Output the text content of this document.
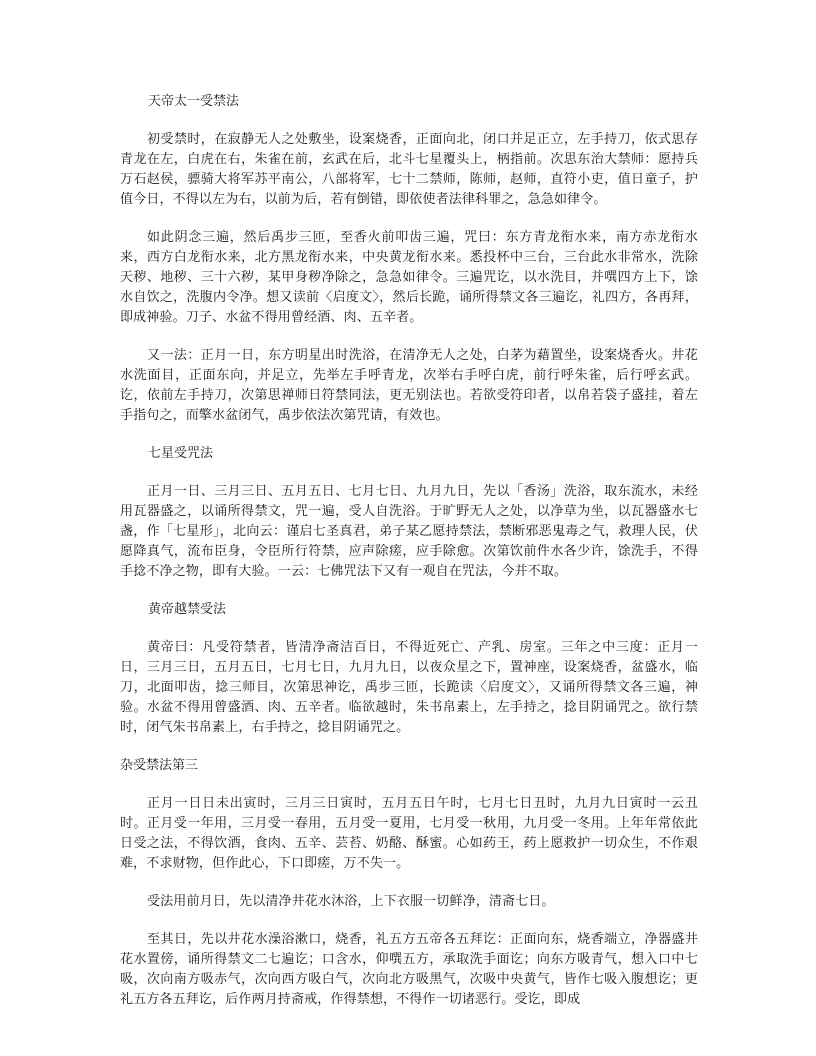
天帝太一受禁法

初受禁时，在寂静无人之处敷坐，设案烧香，正面向北，闭口并足正立，左手持刀，依式思存青龙在左，白虎在右，朱雀在前，玄武在后，北斗七星覆头上，柄指前。次思东治大禁师：愿持兵万石赵侯，骠骑大将军苏平南公，八部将军，七十二禁师，陈师，赵师，直符小吏，值日童子，护值今日，不得以左为右，以前为后，若有倒错，即依使者法律科罪之，急急如律令。

如此阴念三遍，然后禹步三匝，至香火前叩齿三遍，咒曰：东方青龙衔水来，南方赤龙衔水来，西方白龙衔水来，北方黑龙衔水来，中央黄龙衔水来。悉投杯中三台，三台此水非常水，洗除天秽、地秽、三十六秽，某甲身秽净除之，急急如律令。三遍咒讫，以水洗目，并噀四方上下，馀水自饮之，洗腹内令净。想又读前〈启度文〉，然后长跪，诵所得禁文各三遍讫，礼四方，各再拜，即成神验。刀子、水盆不得用曾经酒、肉、五辛者。

又一法：正月一日，东方明星出时洗浴，在清净无人之处，白茅为藉置坐，设案烧香火。井花水洗面目，正面东向，并足立，先举左手呼青龙，次举右手呼白虎，前行呼朱雀，后行呼玄武。讫，依前左手持刀，次第思禅师日符禁同法，更无别法也。若欲受符印者，以帛若袋子盛挂，着左手指句之，而擎水盆闭气，禹步依法次第咒请，有效也。

七星受咒法

正月一日、三月三日、五月五日、七月七日、九月九日，先以「香汤」洗浴，取东流水，未经用瓦器盛之，以诵所得禁文，咒一遍，受人自洗浴。于旷野无人之处，以净草为坐，以瓦器盛水七盏，作「七星形」，北向云：谨启七圣真君，弟子某乙愿持禁法，禁断邪恶鬼毒之气，救理人民，伏愿降真气，流布臣身，令臣所行符禁，应声除瘥，应手除愈。次第饮前件水各少许，馀洗手，不得手捻不净之物，即有大验。一云：七佛咒法下又有一观自在咒法，今并不取。

黄帝越禁受法

黄帝曰：凡受符禁者，皆清净斋洁百日，不得近死亡、产乳、房室。三年之中三度：正月一日，三月三日，五月五日，七月七日，九月九日，以夜众星之下，置神座，设案烧香，盆盛水，临刀，北面叩齿，捻三师目，次第思神讫，禹步三匝，长跪读〈启度文〉，又诵所得禁文各三遍，神验。水盆不得用曾盛酒、肉、五辛者。临欲越时，朱书帛素上，左手持之，捻目阴诵咒之。欲行禁时，闭气朱书帛素上，右手持之，捻目阴诵咒之。

杂受禁法第三

正月一日日未出寅时，三月三日寅时，五月五日午时，七月七日丑时，九月九日寅时一云丑时。正月受一年用，三月受一春用，五月受一夏用，七月受一秋用，九月受一冬用。上年年常依此日受之法，不得饮酒，食肉、五辛、芸苔、奶酪、酥蜜。心如药王，药上愿救护一切众生，不作艰难，不求财物，但作此心，下口即瘥，万不失一。

受法用前月日，先以清净井花水沐浴，上下衣服一切鲜净，清斋七日。

至其日，先以井花水澡浴漱口，烧香，礼五方五帝各五拜讫：正面向东，烧香端立，净器盛井花水置傍，诵所得禁文二七遍讫；口含水，仰噀五方，承取洗手面讫；向东方吸青气，想入口中七吸，次向南方吸赤气，次向西方吸白气，次向北方吸黑气，次吸中央黄气，皆作七吸入腹想讫；更礼五方各五拜讫，后作两月持斋戒，作得禁想，不得作一切诸恶行。受讫，即成
